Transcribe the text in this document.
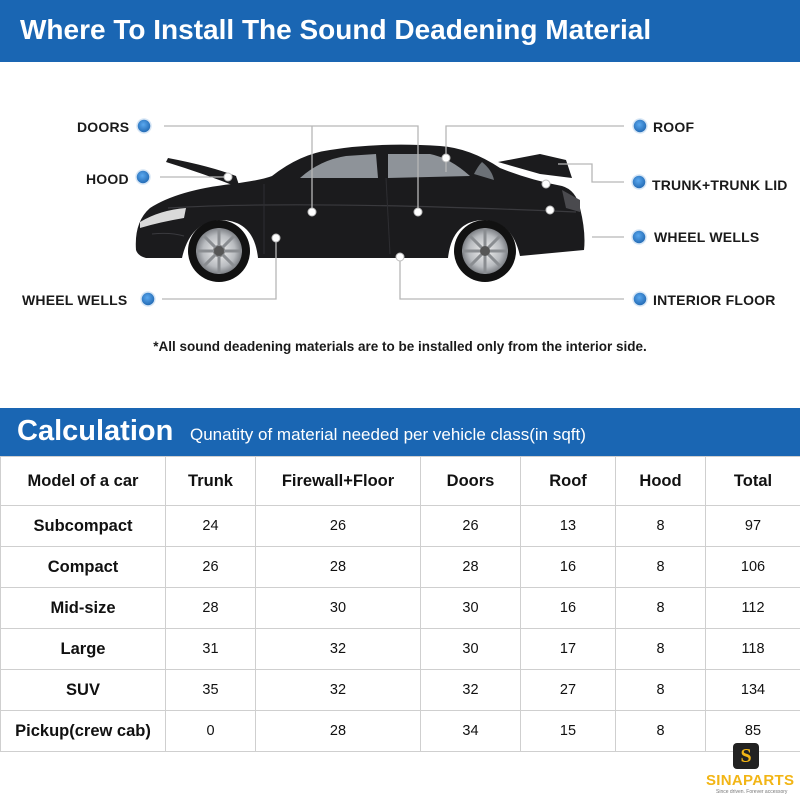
Where To Install The Sound Deadening Material
DOORS
HOOD
WHEEL WELLS
ROOF
TRUNK+TRUNK LID
WHEEL WELLS
INTERIOR FLOOR
*All sound deadening materials are to be installed only from the interior side.
Calculation Qunatity of material needed per vehicle class(in sqft)
Model of a car	Trunk	Firewall+Floor	Doors	Roof	Hood	Total
Subcompact	24	26	26	13	8	97
Compact	26	28	28	16	8	106
Mid-size	28	30	30	16	8	112
Large	31	32	30	17	8	118
SUV	35	32	32	27	8	134
Pickup(crew cab)	0	28	34	15	8	85
S
SINAPARTS
Since driven. Forever accessory
